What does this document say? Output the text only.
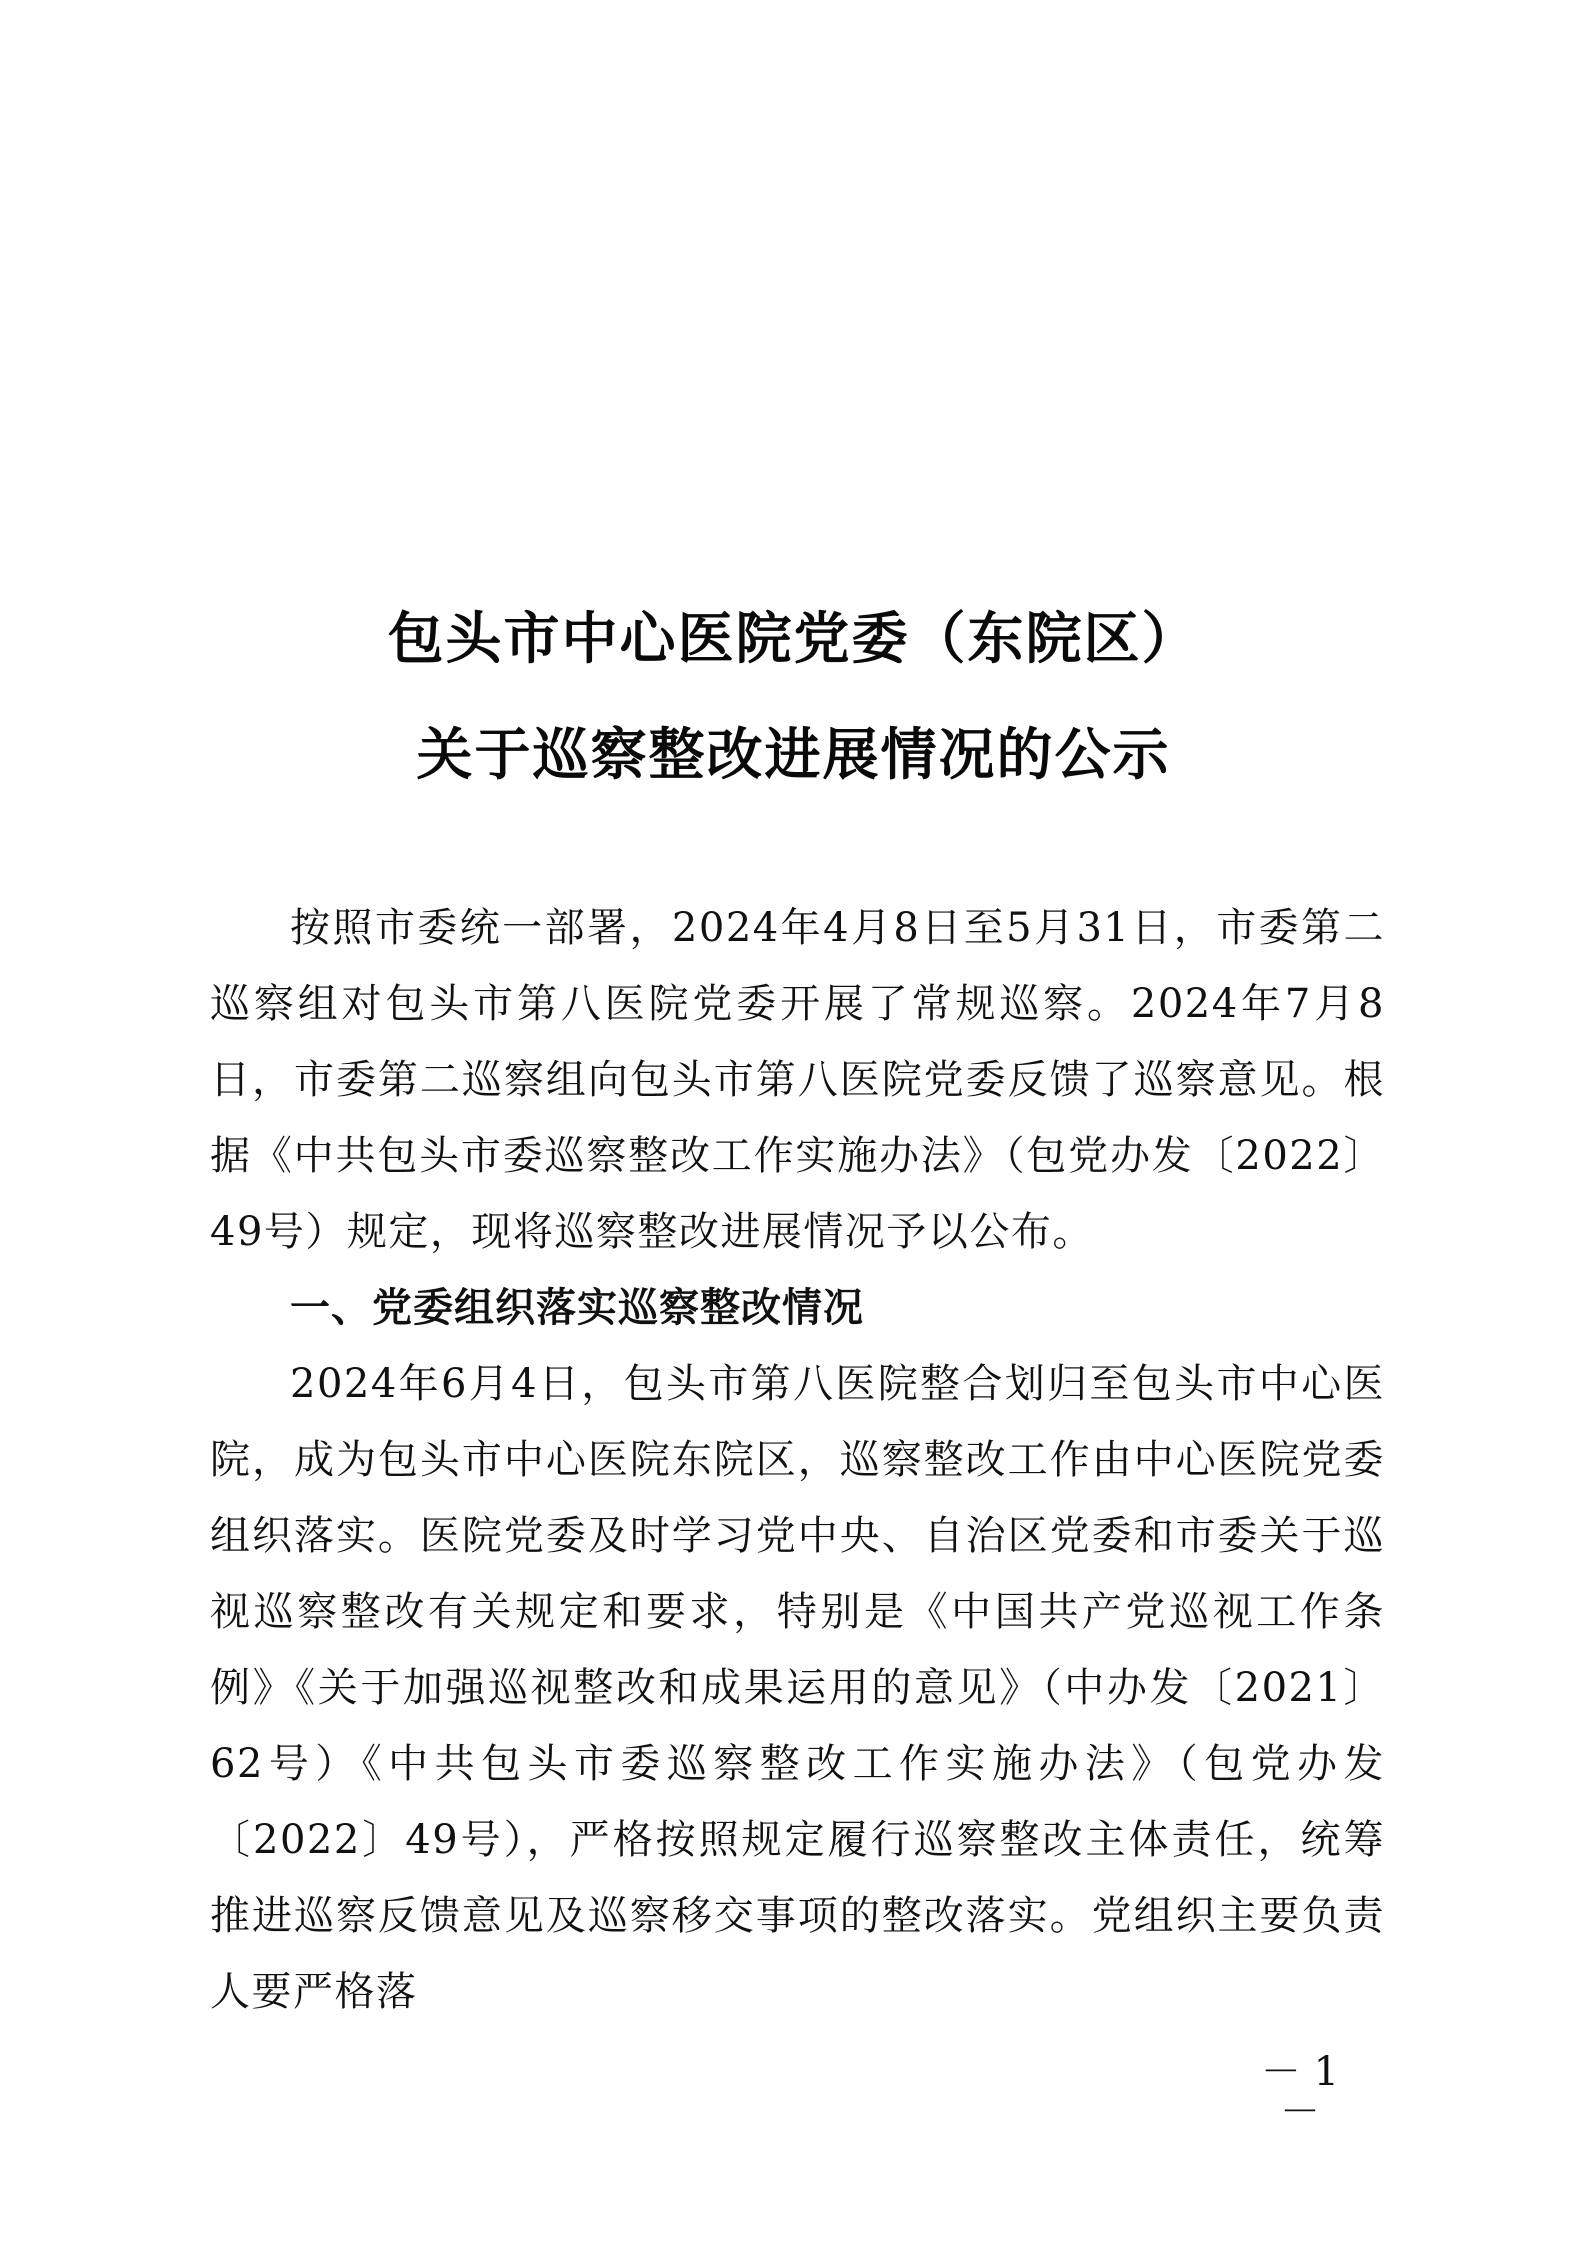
包头市中心医院党委（东院区）
关于巡察整改进展情况的公示

按照市委统一部署，2024年4月8日至5月31日，市委第二巡察组对包头市第八医院党委开展了常规巡察。2024年7月8日，市委第二巡察组向包头市第八医院党委反馈了巡察意见。根据《中共包头市委巡察整改工作实施办法》（包党办发〔2022〕49号）规定，现将巡察整改进展情况予以公布。

一、党委组织落实巡察整改情况

2024年6月4日，包头市第八医院整合划归至包头市中心医院，成为包头市中心医院东院区，巡察整改工作由中心医院党委组织落实。医院党委及时学习党中央、自治区党委和市委关于巡视巡察整改有关规定和要求，特别是《中国共产党巡视工作条例》《关于加强巡视整改和成果运用的意见》（中办发〔2021〕62号）《中共包头市委巡察整改工作实施办法》（包党办发〔2022〕49号），严格按照规定履行巡察整改主体责任，统筹推进巡察反馈意见及巡察移交事项的整改落实。党组织主要负责人要严格落

－ 1 －
